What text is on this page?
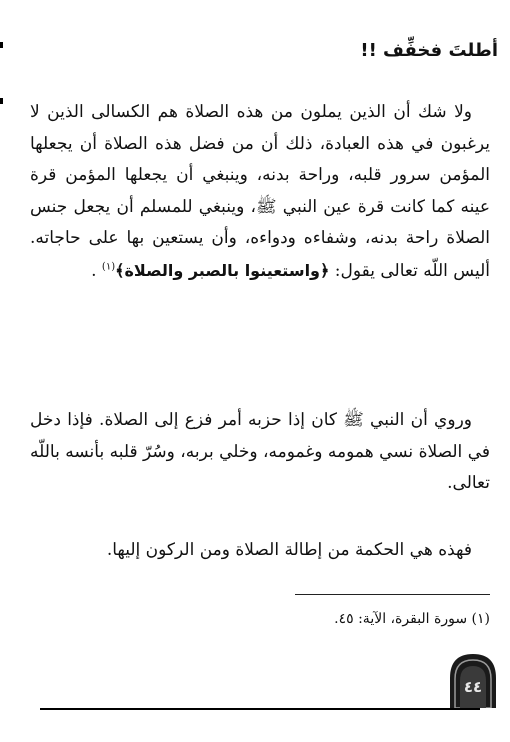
أطلتَ فخفِّف !!

ولا شك أن الذين يملون من هذه الصلاة هم الكسالى الذين لا يرغبون في هذه العبادة، ذلك أن من فضل هذه الصلاة أن يجعلها المؤمن سرور قلبه، وراحة بدنه، وينبغي أن يجعلها المؤمن قرة عينه كما كانت قرة عين النبي ﷺ، وينبغي للمسلم أن يجعل جنس الصلاة راحة بدنه، وشفاءه ودواءه، وأن يستعين بها على حاجاته. أليس اللّه تعالى يقول: ﴿واستعينوا بالصبر والصلاة﴾$^{(١)}$ .

وروي أن النبي ﷺ كان إذا حزبه أمر فزع إلى الصلاة. فإذا دخل في الصلاة نسي همومه وغمومه، وخلي بربه، وسُرّ قلبه بأنسه باللّه تعالى.

فهذه هي الحكمة من إطالة الصلاة ومن الركون إليها.

(١) سورة البقرة، الآية: ٤٥.
٤٤
